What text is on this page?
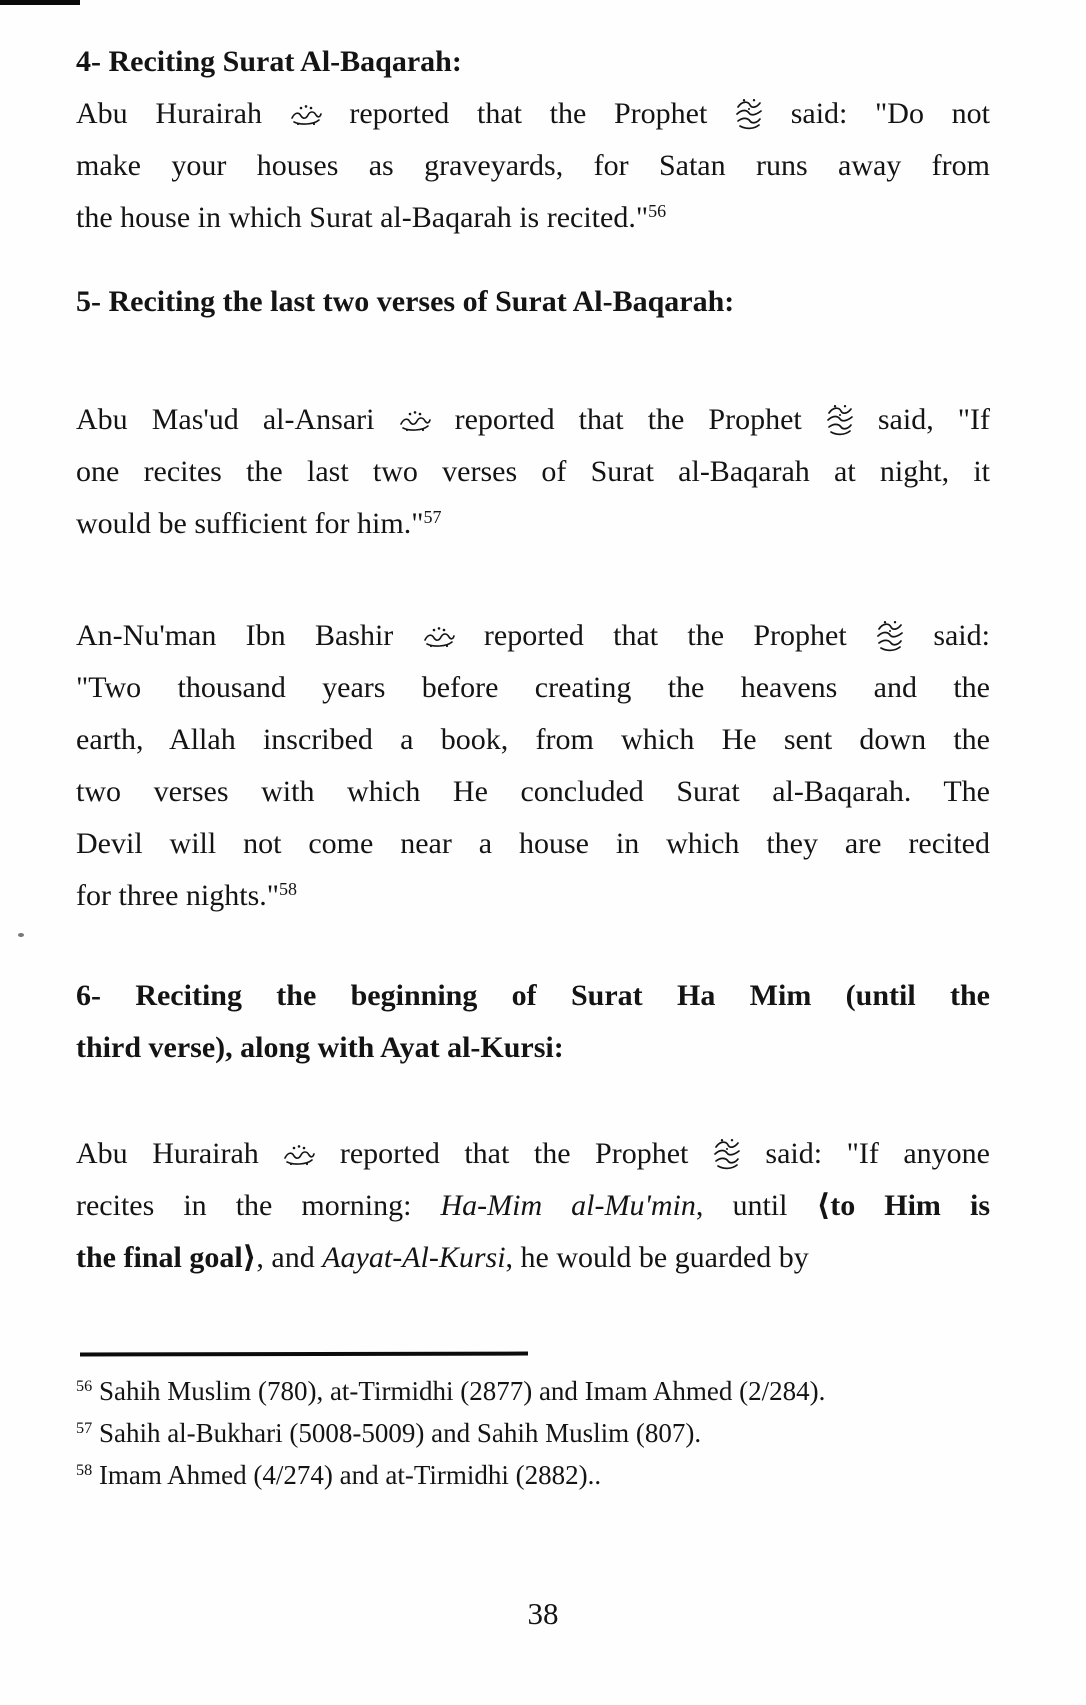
4- Reciting Surat Al-Baqarah:
Abu Hurairah  reported that the Prophet  said: "Do not
make your houses as graveyards, for Satan runs away from
the house in which Surat al-Baqarah is recited."$^{56}$
5- Reciting the last two verses of Surat Al-Baqarah:
Abu Mas'ud al-Ansari  reported that the Prophet  said, "If
one recites the last two verses of Surat al-Baqarah at night, it
would be sufficient for him."$^{57}$
An-Nu'man Ibn Bashir  reported that the Prophet  said:
"Two thousand years before creating the heavens and the
earth, Allah inscribed a book, from which He sent down the
two verses with which He concluded Surat al-Baqarah. The
Devil will not come near a house in which they are recited
for three nights."$^{58}$
6- Reciting the beginning of Surat Ha Mim (until the
third verse), along with Ayat al-Kursi:
Abu Hurairah  reported that the Prophet  said: "If anyone
recites in the morning: Ha-Mim al-Mu'min, until ⟨to Him is
the final goal⟩, and Aayat-Al-Kursi, he would be guarded by
$^{56}$ Sahih Muslim (780), at-Tirmidhi (2877) and Imam Ahmed (2/284).
$^{57}$ Sahih al-Bukhari (5008-5009) and Sahih Muslim (807).
$^{58}$ Imam Ahmed (4/274) and at-Tirmidhi (2882)..
38
